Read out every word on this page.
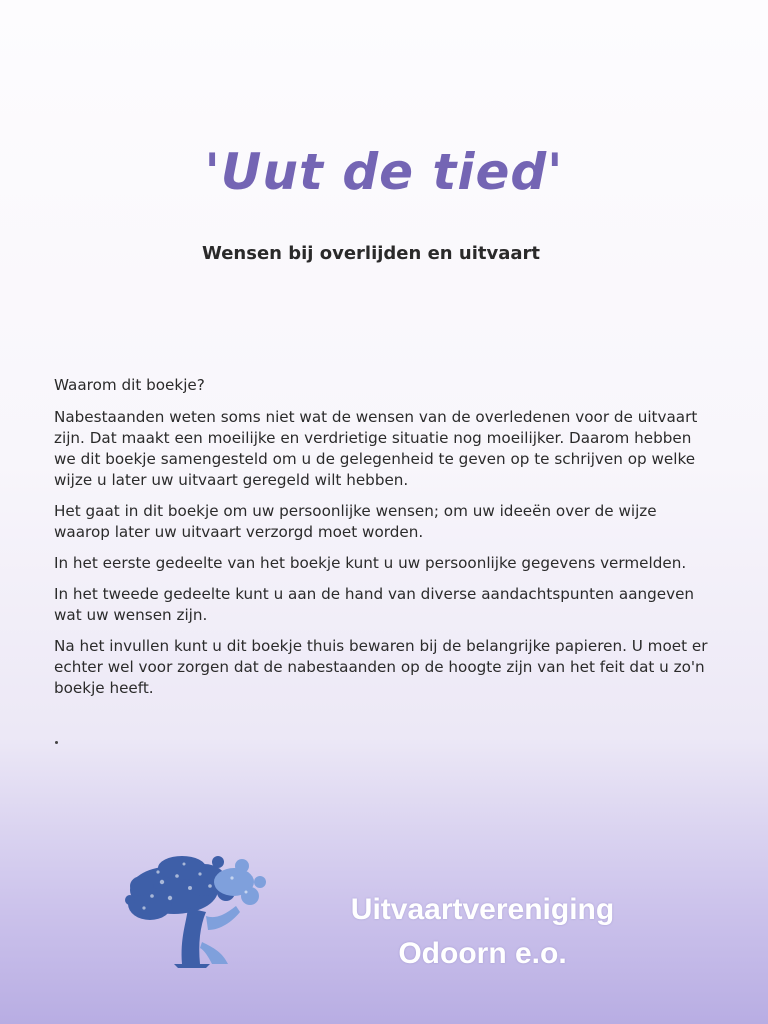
'Uut de tied'
Wensen bij overlijden en uitvaart

Waarom dit boekje?

Nabestaanden weten soms niet wat de wensen van de overledenen voor de uitvaart zijn. Dat maakt een moeilijke en verdrietige situatie nog moeilijker. Daarom hebben we dit boekje samengesteld om u de gelegenheid te geven op te schrijven op welke wijze u later uw uitvaart geregeld wilt hebben.

Het gaat in dit boekje om uw persoonlijke wensen; om uw ideeën over de wijze waarop later uw uitvaart verzorgd moet worden.

In het eerste gedeelte van het boekje kunt u uw persoonlijke gegevens vermelden.

In het tweede gedeelte kunt u aan de hand van diverse aandachtspunten aangeven wat uw wensen zijn.

Na het invullen kunt u dit boekje thuis bewaren bij de belangrijke papieren. U moet er echter wel voor zorgen dat de nabestaanden op de hoogte zijn van het feit dat u zo'n boekje heeft.

Uitvaartvereniging
Odoorn e.o.
